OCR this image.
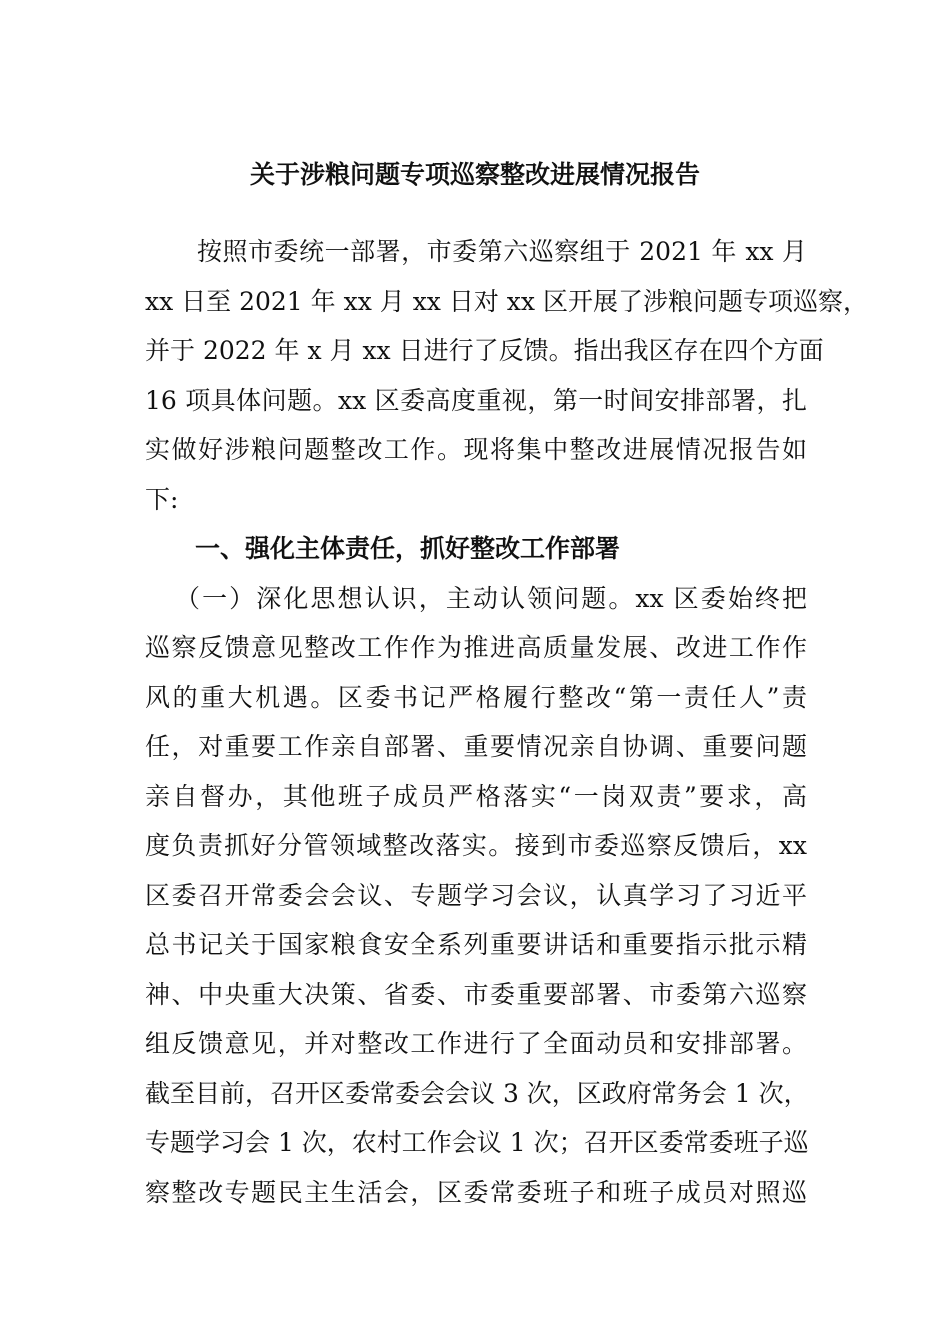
关于涉粮问题专项巡察整改进展情况报告
按照市委统一部署，市委第六巡察组于 2021 年 xx 月
xx 日至 2021 年 xx 月 xx 日对 xx 区开展了涉粮问题专项巡察，
并于 2022 年 x 月 xx 日进行了反馈。指出我区存在四个方面
16 项具体问题。xx 区委高度重视，第一时间安排部署，扎
实做好涉粮问题整改工作。现将集中整改进展情况报告如
下:
一、强化主体责任，抓好整改工作部署
（一）深化思想认识，主动认领问题。xx 区委始终把
巡察反馈意见整改工作作为推进高质量发展、改进工作作
风的重大机遇。区委书记严格履行整改“第一责任人”责
任，对重要工作亲自部署、重要情况亲自协调、重要问题
亲自督办，其他班子成员严格落实“一岗双责”要求，高
度负责抓好分管领域整改落实。接到市委巡察反馈后，xx
区委召开常委会会议、专题学习会议，认真学习了习近平
总书记关于国家粮食安全系列重要讲话和重要指示批示精
神、中央重大决策、省委、市委重要部署、市委第六巡察
组反馈意见，并对整改工作进行了全面动员和安排部署。
截至目前，召开区委常委会会议 3 次，区政府常务会 1 次，
专题学习会 1 次，农村工作会议 1 次；召开区委常委班子巡
察整改专题民主生活会，区委常委班子和班子成员对照巡
